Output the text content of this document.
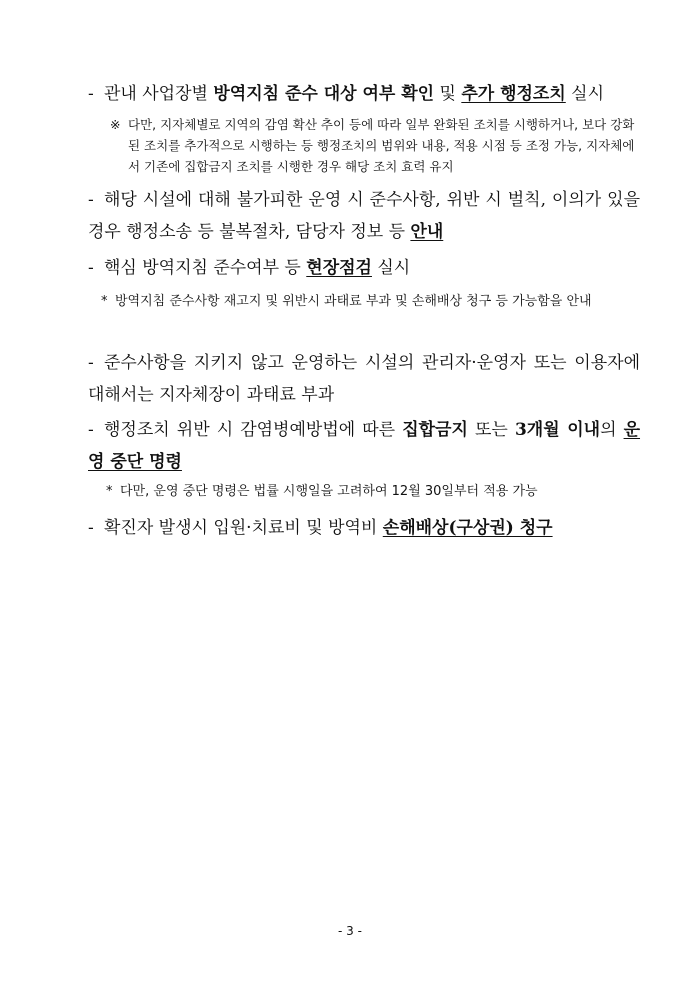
- 관내 사업장별 방역지침 준수 대상 여부 확인 및 추가 행정조치 실시
※ 다만, 지자체별로 지역의 감염 확산 추이 등에 따라 일부 완화된 조치를 시행하거나, 보다 강화된 조치를 추가적으로 시행하는 등 행정조치의 범위와 내용, 적용 시점 등 조정 가능, 지자체에서 기존에 집합금지 조치를 시행한 경우 해당 조치 효력 유지
- 해당 시설에 대해 불가피한 운영 시 준수사항, 위반 시 벌칙, 이의가 있을 경우 행정소송 등 불복절차, 담당자 정보 등 안내
- 핵심 방역지침 준수여부 등 현장점검 실시
* 방역지침 준수사항 재고지 및 위반시 과태료 부과 및 손해배상 청구 등 가능함을 안내
- 준수사항을 지키지 않고 운영하는 시설의 관리자·운영자 또는 이용자에 대해서는 지자체장이 과태료 부과
- 행정조치 위반 시 감염병예방법에 따른 집합금지 또는 3개월 이내의 운영 중단 명령
* 다만, 운영 중단 명령은 법률 시행일을 고려하여 12월 30일부터 적용 가능
- 확진자 발생시 입원·치료비 및 방역비 손해배상(구상권) 청구
- 3 -
